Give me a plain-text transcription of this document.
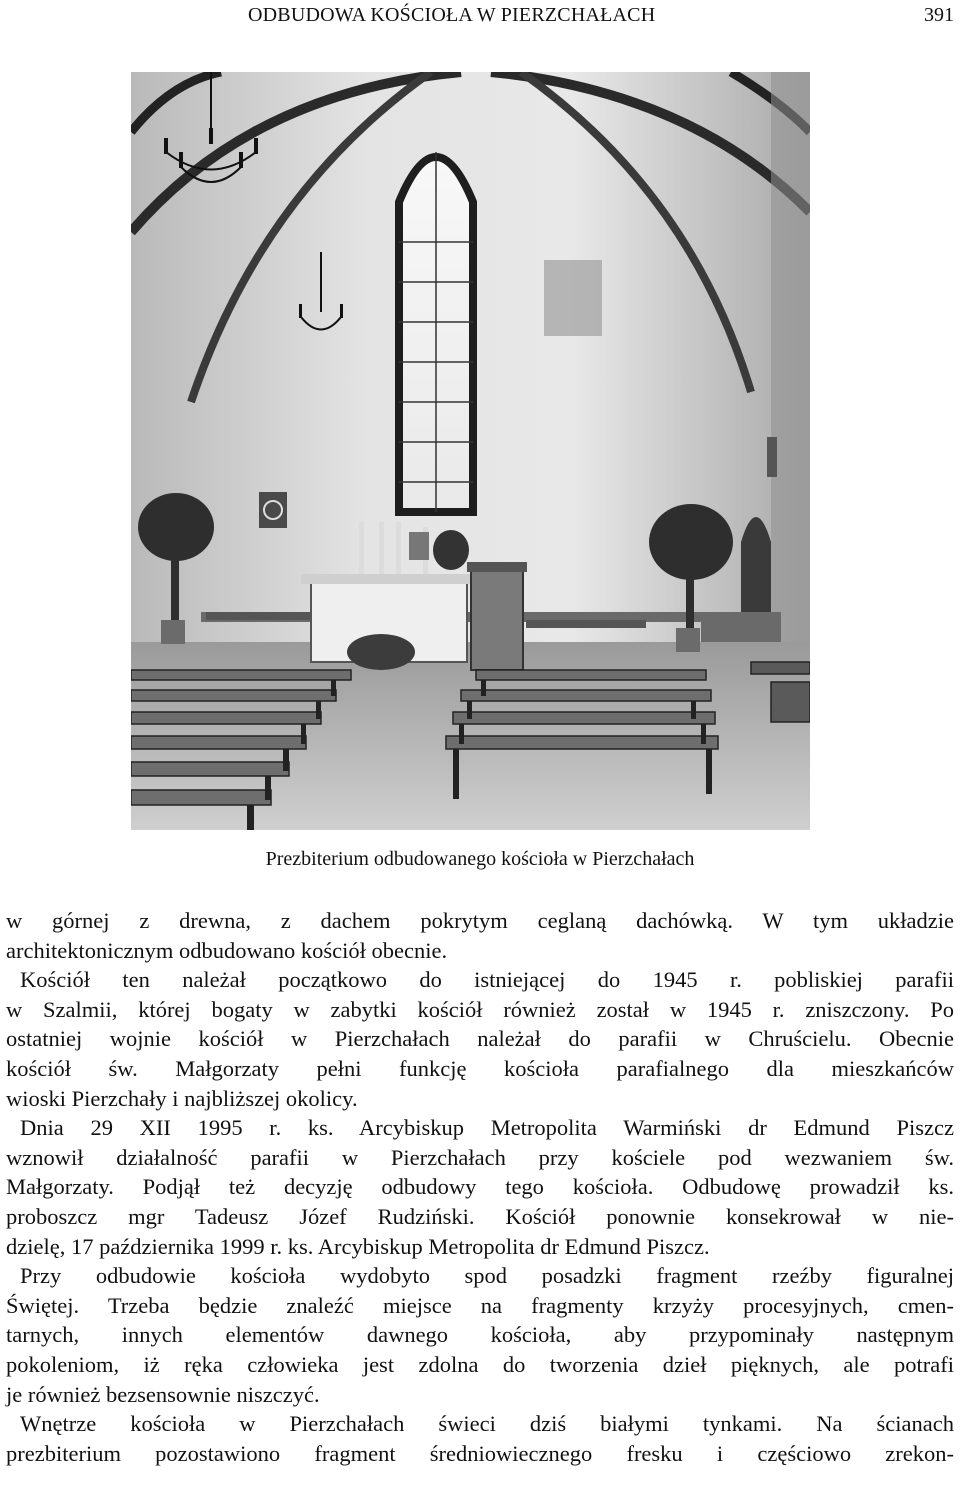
ODBUDOWA KOŚCIOŁA W PIERZCHAŁACH	391
Prezbiterium odbudowanego kościoła w Pierzchałach
w górnej z drewna, z dachem pokrytym ceglaną dachówką. W tym układzie
architektonicznym odbudowano kościół obecnie.
Kościół ten należał początkowo do istniejącej do 1945 r. pobliskiej parafii
w Szalmii, której bogaty w zabytki kościół również został w 1945 r. zniszczony. Po
ostatniej wojnie kościół w Pierzchałach należał do parafii w Chruścielu. Obecnie
kościół św. Małgorzaty pełni funkcję kościoła parafialnego dla mieszkańców
wioski Pierzchały i najbliższej okolicy.
Dnia 29 XII 1995 r. ks. Arcybiskup Metropolita Warmiński dr Edmund Piszcz
wznowił działalność parafii w Pierzchałach przy kościele pod wezwaniem św.
Małgorzaty. Podjął też decyzję odbudowy tego kościoła. Odbudowę prowadził ks.
proboszcz mgr Tadeusz Józef Rudziński. Kościół ponownie konsekrował w nie-
dzielę, 17 października 1999 r. ks. Arcybiskup Metropolita dr Edmund Piszcz.
Przy odbudowie kościoła wydobyto spod posadzki fragment rzeźby figuralnej
Świętej. Trzeba będzie znaleźć miejsce na fragmenty krzyży procesyjnych, cmen-
tarnych, innych elementów dawnego kościoła, aby przypominały następnym
pokoleniom, iż ręka człowieka jest zdolna do tworzenia dzieł pięknych, ale potrafi
je również bezsensownie niszczyć.
Wnętrze kościoła w Pierzchałach świeci dziś białymi tynkami. Na ścianach
prezbiterium pozostawiono fragment średniowiecznego fresku i częściowo zrekon-
